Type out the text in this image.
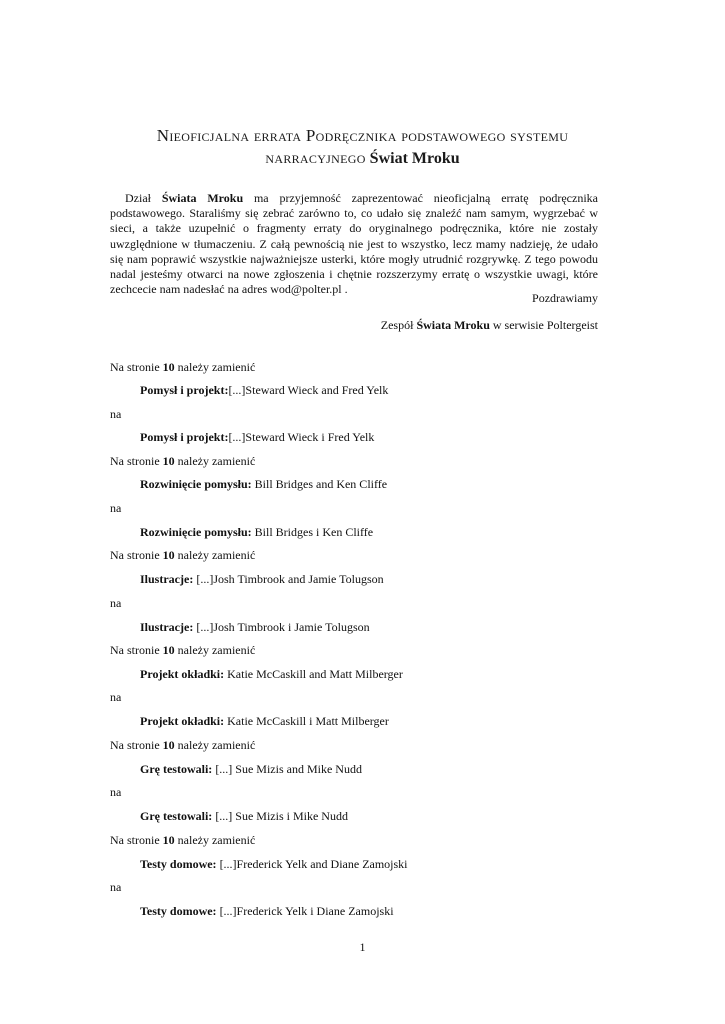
Nieoficjalna errata Podręcznika podstawowego systemu
narracyjnego Świat Mroku

Dział Świata Mroku ma przyjemność zaprezentować nieoficjalną erratę podręcznika podstawowego. Staraliśmy się zebrać zarówno to, co udało się znaleźć nam samym, wygrzebać w sieci, a także uzupełnić o fragmenty erraty do oryginalnego podręcznika, które nie zostały uwzględnione w tłumaczeniu. Z całą pewnością nie jest to wszystko, lecz mamy nadzieję, że udało się nam poprawić wszystkie najważniejsze usterki, które mogły utrudnić rozgrywkę. Z tego powodu nadal jesteśmy otwarci na nowe zgłoszenia i chętnie rozszerzymy erratę o wszystkie uwagi, które zechcecie nam nadesłać na adres wod@polter.pl .

Pozdrawiamy
Zespół Świata Mroku w serwisie Poltergeist
Na stronie 10 należy zamienić
Pomysł i projekt:[...]Steward Wieck and Fred Yelk
na
Pomysł i projekt:[...]Steward Wieck i Fred Yelk
Na stronie 10 należy zamienić
Rozwinięcie pomysłu: Bill Bridges and Ken Cliffe
na
Rozwinięcie pomysłu: Bill Bridges i Ken Cliffe
Na stronie 10 należy zamienić
Ilustracje: [...]Josh Timbrook and Jamie Tolugson
na
Ilustracje: [...]Josh Timbrook i Jamie Tolugson
Na stronie 10 należy zamienić
Projekt okładki: Katie McCaskill and Matt Milberger
na
Projekt okładki: Katie McCaskill i Matt Milberger
Na stronie 10 należy zamienić
Grę testowali: [...] Sue Mizis and Mike Nudd
na
Grę testowali: [...] Sue Mizis i Mike Nudd
Na stronie 10 należy zamienić
Testy domowe: [...]Frederick Yelk and Diane Zamojski
na
Testy domowe: [...]Frederick Yelk i Diane Zamojski
1
